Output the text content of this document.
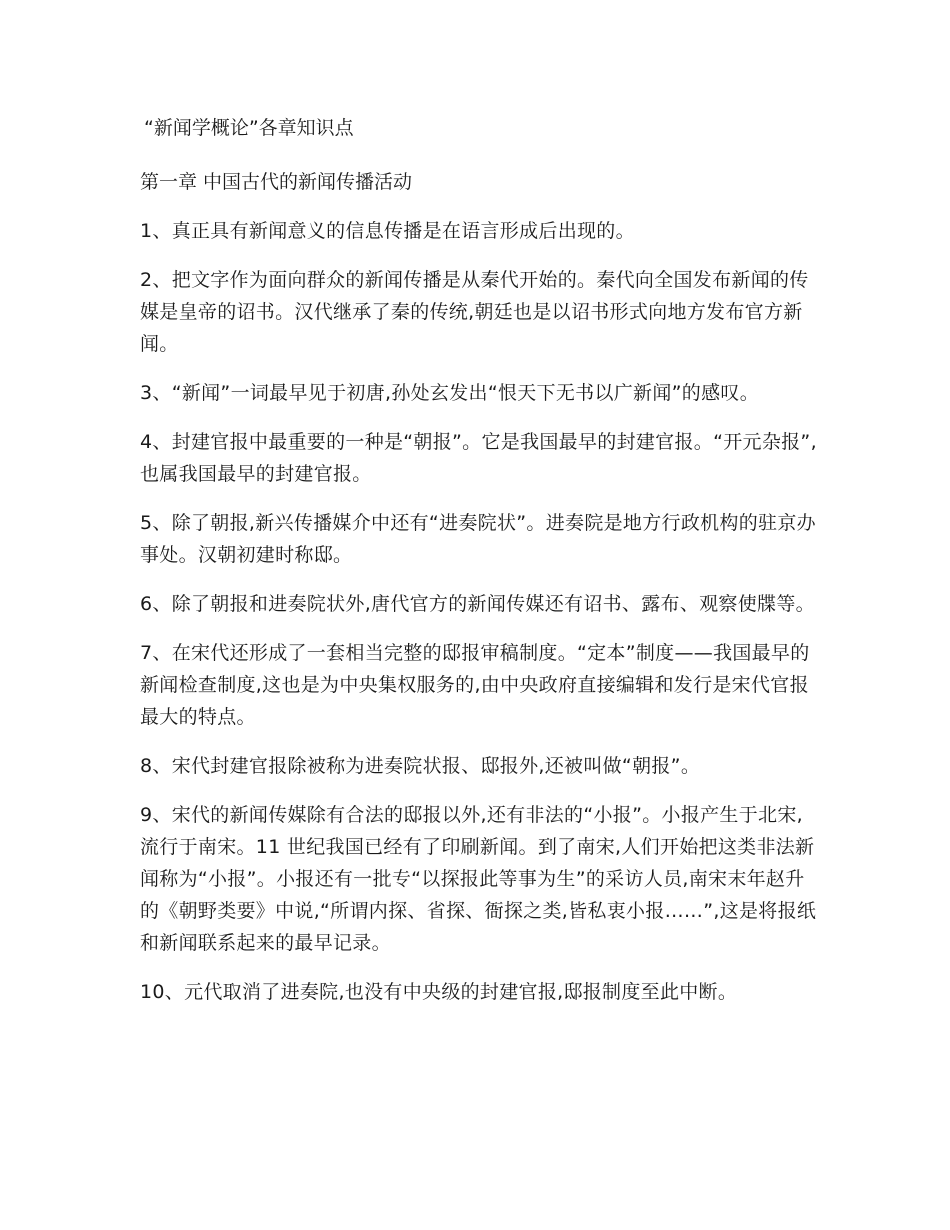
“新闻学概论”各章知识点
第一章 中国古代的新闻传播活动

1、真正具有新闻意义的信息传播是在语言形成后出现的。

2、把文字作为面向群众的新闻传播是从秦代开始的。秦代向全国发布新闻的传媒是皇帝的诏书。汉代继承了秦的传统,朝廷也是以诏书形式向地方发布官方新闻。

3、“新闻”一词最早见于初唐,孙处玄发出“恨天下无书以广新闻”的感叹。

4、封建官报中最重要的一种是“朝报”。它是我国最早的封建官报。“开元杂报”,也属我国最早的封建官报。

5、除了朝报,新兴传播媒介中还有“进奏院状”。进奏院是地方行政机构的驻京办事处。汉朝初建时称邸。

6、除了朝报和进奏院状外,唐代官方的新闻传媒还有诏书、露布、观察使牒等。

7、在宋代还形成了一套相当完整的邸报审稿制度。“定本”制度——我国最早的新闻检查制度,这也是为中央集权服务的,由中央政府直接编辑和发行是宋代官报最大的特点。

8、宋代封建官报除被称为进奏院状报、邸报外,还被叫做“朝报”。

9、宋代的新闻传媒除有合法的邸报以外,还有非法的“小报”。小报产生于北宋,流行于南宋。11 世纪我国已经有了印刷新闻。到了南宋,人们开始把这类非法新闻称为“小报”。小报还有一批专“以探报此等事为生”的采访人员,南宋末年赵升的《朝野类要》中说,“所谓内探、省探、衙探之类,皆私衷小报……”,这是将报纸和新闻联系起来的最早记录。

10、元代取消了进奏院,也没有中央级的封建官报,邸报制度至此中断。
